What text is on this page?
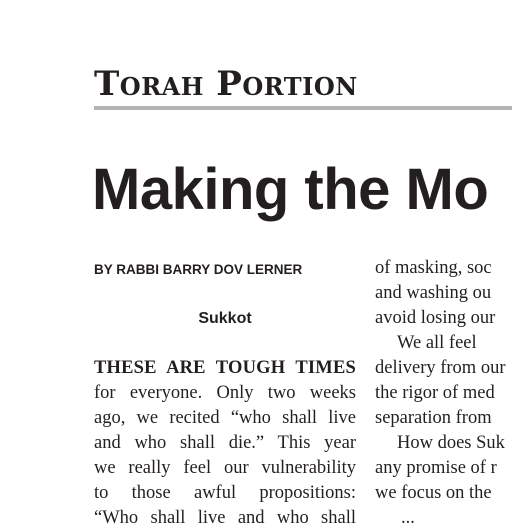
Torah Portion
Making the Mo
BY RABBI BARRY DOV LERNER
Sukkot
THESE ARE TOUGH TIMES
for everyone. Only two weeks
ago, we recited “who shall live
and who shall die.” This year
we really feel our vulnerability
to those awful propositions:
“Who shall live and who shall
of masking, soc
and washing ou
avoid losing our
We all feel
delivery from our
the rigor of med
separation from
How does Suk
any promise of r
we focus on the
...
